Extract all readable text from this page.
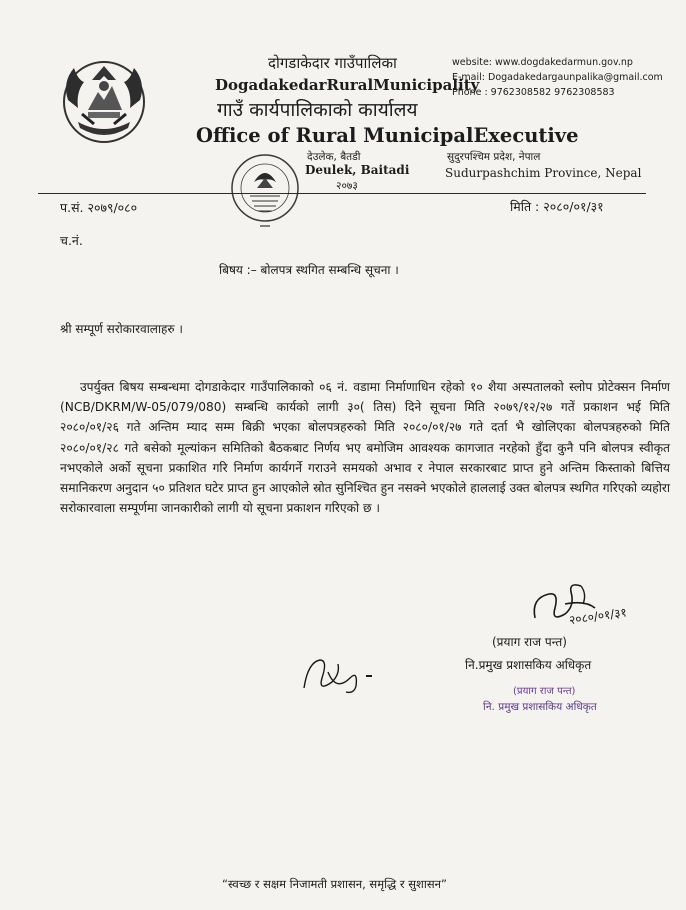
दोगडाकेदार गाउँपालिका
DogadakedarRuralMunicipality
website: www.dogdakedarmun.gov.np
E-mail: Dogadakedargaunpalika@gmail.com
Phone : 9762308582 9762308583
गाउँ कार्यपालिकाको कार्यालय
Office of Rural MunicipalExecutive
देउलेक, बैतडी
Deulek, Baitadi
२०७३
सुदुरपश्चिम प्रदेश, नेपाल
Sudurpashchim Province, Nepal
प.सं. २०७९/०८०	मिति : २०८०/०१/३१
च.नं.
बिषय :– बोलपत्र स्थगित सम्बन्धि सूचना ।
श्री सम्पूर्ण सरोकारवालाहरु ।

उपर्युक्त बिषय सम्बन्धमा दोगडाकेदार गाउँपालिकाको ०६ नं. वडामा निर्माणाधिन रहेको १० शैया अस्पतालको स्लोप प्रोटेक्सन निर्माण (NCB/DKRM/W-05/079/080) सम्बन्धि कार्यको लागी ३०( तिस) दिने सूचना मिति २०७९/१२/२७ गतें प्रकाशन भई मिति २०८०/०१/२६ गते अन्तिम म्याद सम्म बिक्री भएका बोलपत्रहरुको मिति २०८०/०१/२७ गते दर्ता भै खोलिएका बोलपत्रहरुको मिति २०८०/०१/२८ गते बसेको मूल्यांकन समितिको बैठकबाट निर्णय भए बमोजिम आवश्यक कागजात नरहेको हुँदा कुनै पनि बोलपत्र स्वीकृत नभएकोले अर्को सूचना प्रकाशित गरि निर्माण कार्यगर्ने गराउने समयको अभाव र नेपाल सरकारबाट प्राप्त हुने अन्तिम किस्ताको बित्तिय समानिकरण अनुदान ५० प्रतिशत घटेर प्राप्त हुन आएकोले स्रोत सुनिश्चित हुन नसक्ने भएकोले हाललाई उक्त बोलपत्र स्थगित गरिएको व्यहोरा सरोकारवाला सम्पूर्णमा जानकारीको लागी यो सूचना प्रकाशन गरिएको छ ।

२०८०/०१/३१
(प्रयाग राज पन्त)
नि.प्रमुख प्रशासकिय अधिकृत
(प्रयाग राज पन्त)
नि. प्रमुख प्रशासकिय अधिकृत
“स्वच्छ र सक्षम निजामती प्रशासन, समृद्धि र सुशासन”
